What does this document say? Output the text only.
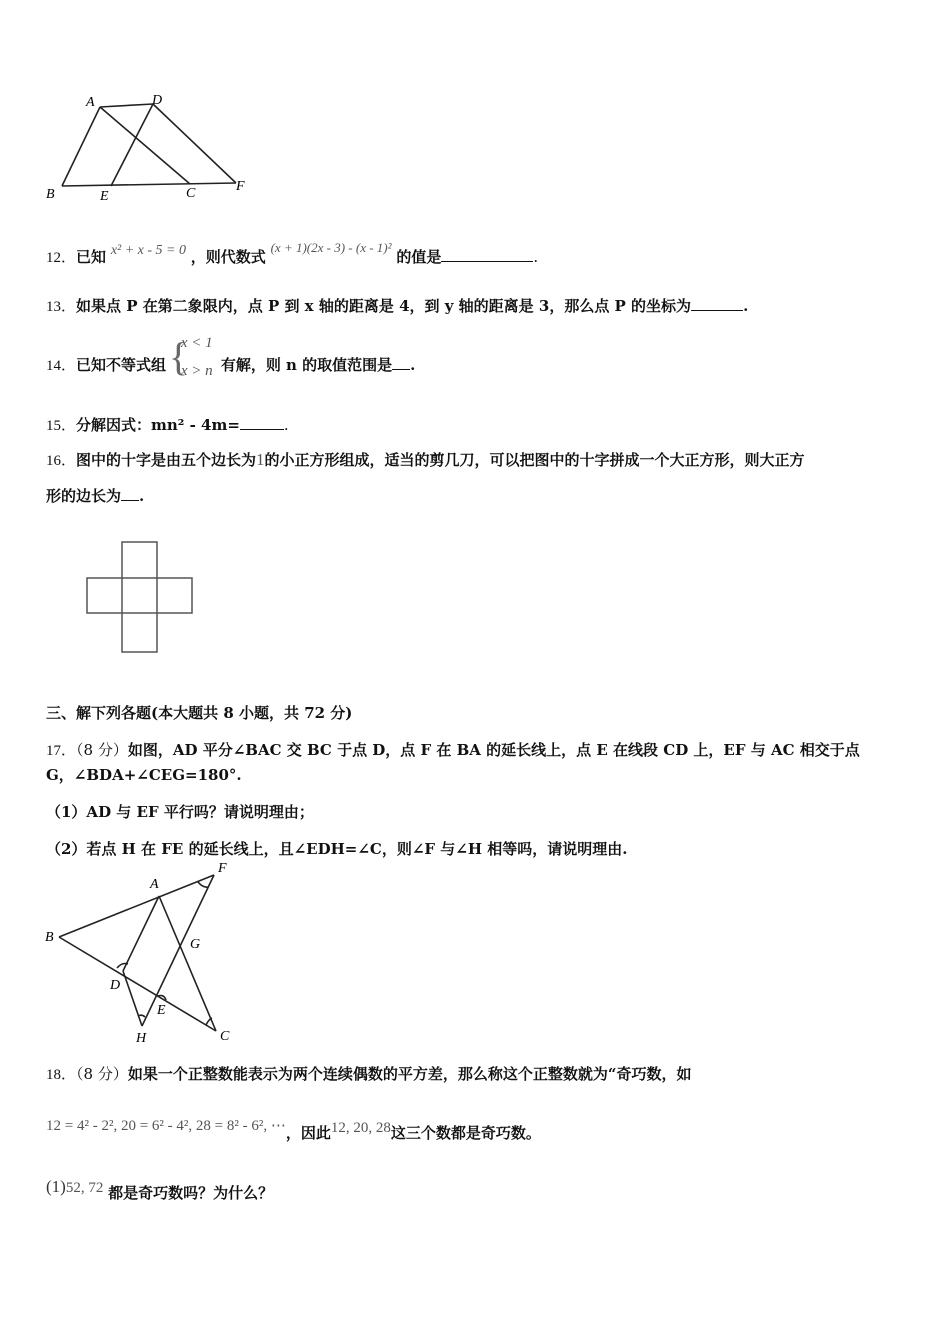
A	D
B	E	C	F
12．已知 x² + x - 5 = 0 ，则代数式 (x + 1)(2x - 3) - (x - 1)² 的值是	.
13．如果点 P 在第二象限内，点 P 到 x 轴的距离是 4，到 y 轴的距离是 3，那么点 P 的坐标为	.
14．已知不等式组 {
x < 1
x > n 有解，则 n 的取值范围是 .
15．分解因式：mn² ‑ 4m=	.
16．图中的十字是由五个边长为1的小正方形组成，适当的剪几刀，可以把图中的十字拼成一个大正方形，则大正方
形的边长为 .
三、解下列各题(本大题共 8 小题，共 72 分)
17．（8 分）如图，AD 平分∠BAC 交 BC 于点 D，点 F 在 BA 的延长线上，点 E 在线段 CD 上，EF 与 AC 相交于点
G，∠BDA+∠CEG=180°.
（1）AD 与 EF 平行吗？请说明理由；
（2）若点 H 在 FE 的延长线上，且∠EDH=∠C，则∠F 与∠H 相等吗，请说明理由.
A
F
B	G
D
E
H	C
18．（8 分）如果一个正整数能表示为两个连续偶数的平方差，那么称这个正整数就为“奇巧数，如
12 = 4² - 2², 20 = 6² - 4², 28 = 8² - 6², ⋯，因此12, 20, 28这三个数都是奇巧数。
(1)52, 72 都是奇巧数吗？为什么？
